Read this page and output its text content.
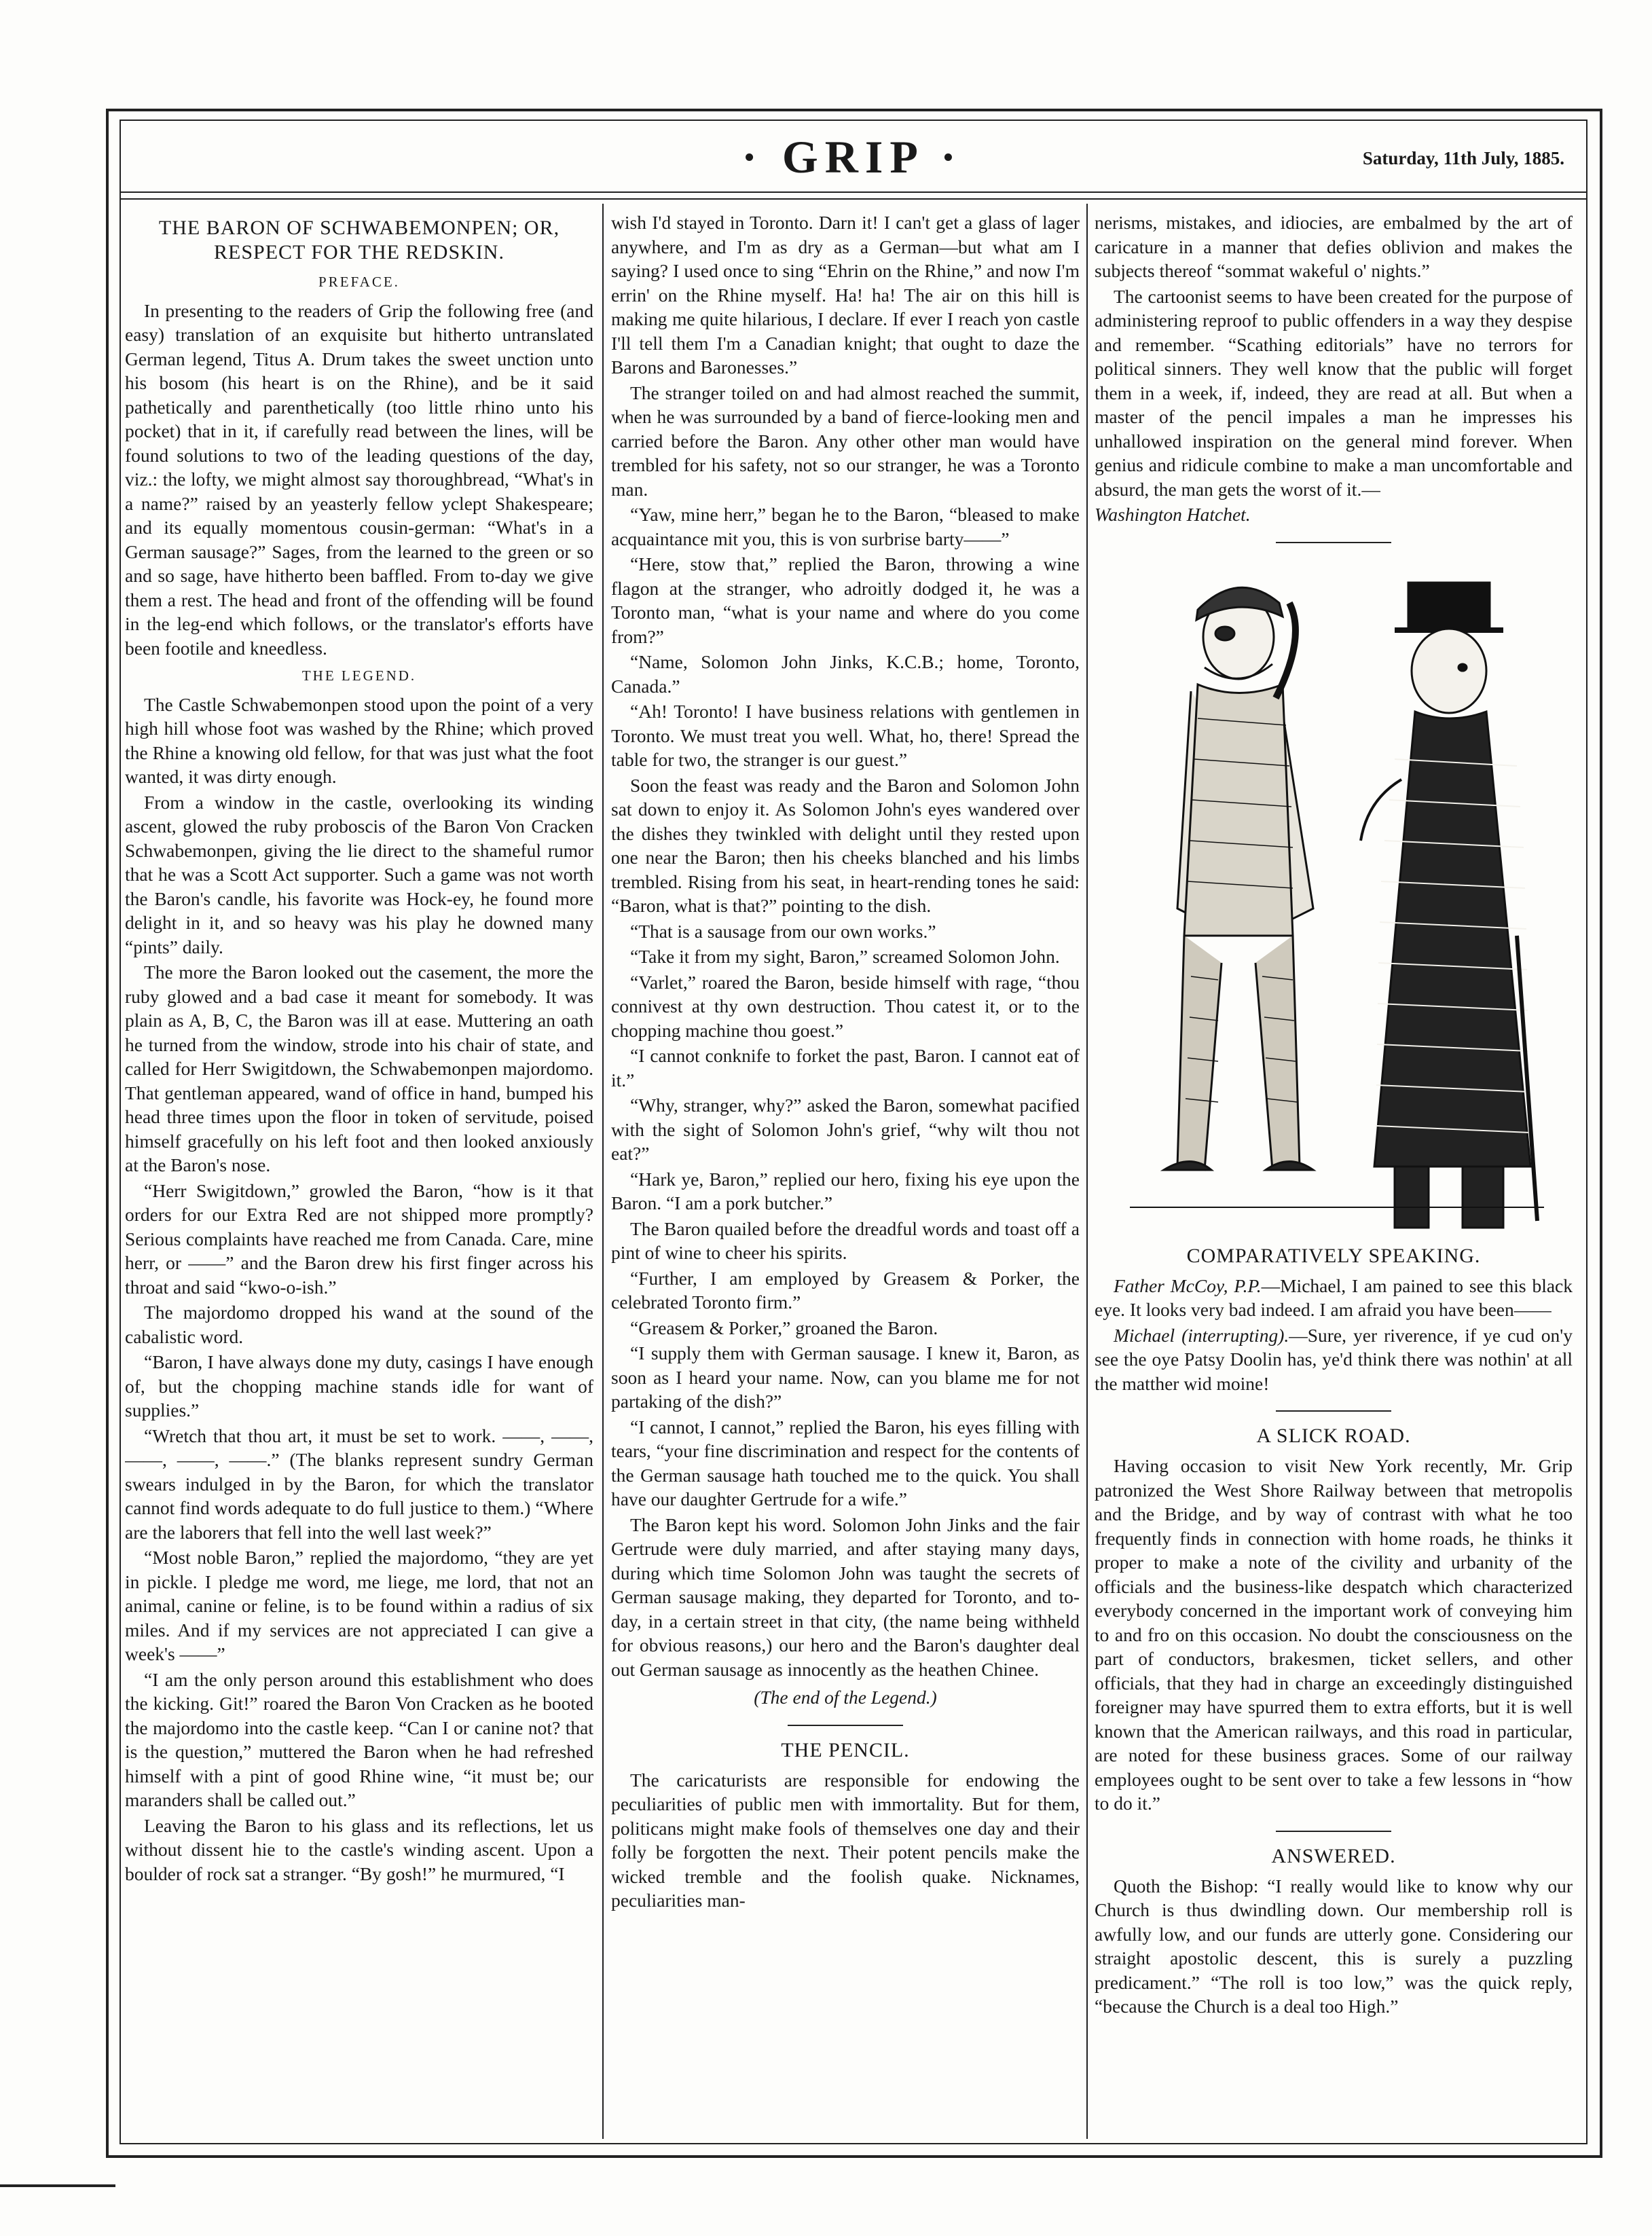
· GRIP ·	Saturday, 11th July, 1885.
THE BARON OF SCHWABEMONPEN; OR, RESPECT FOR THE REDSKIN.
PREFACE.

In presenting to the readers of Grip the following free (and easy) translation of an exquisite but hitherto untranslated German legend, Titus A. Drum takes the sweet unction unto his bosom (his heart is on the Rhine), and be it said pathetically and parenthetically (too little rhino unto his pocket) that in it, if carefully read between the lines, will be found solutions to two of the leading questions of the day, viz.: the lofty, we might almost say thoroughbread, “What's in a name?” raised by an yeasterly fellow yclept Shakespeare; and its equally momentous cousin-german: “What's in a German sausage?” Sages, from the learned to the green or so and so sage, have hitherto been baffled. From to-day we give them a rest. The head and front of the offending will be found in the leg-end which follows, or the translator's efforts have been footile and kneedless.

THE LEGEND.

The Castle Schwabemonpen stood upon the point of a very high hill whose foot was washed by the Rhine; which proved the Rhine a knowing old fellow, for that was just what the foot wanted, it was dirty enough.

From a window in the castle, overlooking its winding ascent, glowed the ruby proboscis of the Baron Von Cracken Schwabemonpen, giving the lie direct to the shameful rumor that he was a Scott Act supporter. Such a game was not worth the Baron's candle, his favorite was Hock-ey, he found more delight in it, and so heavy was his play he downed many “pints” daily.

The more the Baron looked out the casement, the more the ruby glowed and a bad case it meant for somebody. It was plain as A, B, C, the Baron was ill at ease. Muttering an oath he turned from the window, strode into his chair of state, and called for Herr Swigitdown, the Schwabemonpen majordomo. That gentleman appeared, wand of office in hand, bumped his head three times upon the floor in token of servitude, poised himself gracefully on his left foot and then looked anxiously at the Baron's nose.

“Herr Swigitdown,” growled the Baron, “how is it that orders for our Extra Red are not shipped more promptly? Serious complaints have reached me from Canada. Care, mine herr, or ——” and the Baron drew his first finger across his throat and said “kwo-o-ish.”

The majordomo dropped his wand at the sound of the cabalistic word.

“Baron, I have always done my duty, casings I have enough of, but the chopping machine stands idle for want of supplies.”

“Wretch that thou art, it must be set to work. ——, ——, ——, ——, ——.” (The blanks represent sundry German swears indulged in by the Baron, for which the translator cannot find words adequate to do full justice to them.) “Where are the laborers that fell into the well last week?”

“Most noble Baron,” replied the majordomo, “they are yet in pickle. I pledge me word, me liege, me lord, that not an animal, canine or feline, is to be found within a radius of six miles. And if my services are not appreciated I can give a week's ——”

“I am the only person around this establishment who does the kicking. Git!” roared the Baron Von Cracken as he booted the majordomo into the castle keep. “Can I or canine not? that is the question,” muttered the Baron when he had refreshed himself with a pint of good Rhine wine, “it must be; our maranders shall be called out.”

Leaving the Baron to his glass and its reflections, let us without dissent hie to the castle's winding ascent. Upon a boulder of rock sat a stranger. “By gosh!” he murmured, “I

wish I'd stayed in Toronto. Darn it! I can't get a glass of lager anywhere, and I'm as dry as a German—but what am I saying? I used once to sing “Ehrin on the Rhine,” and now I'm errin' on the Rhine myself. Ha! ha! The air on this hill is making me quite hilarious, I declare. If ever I reach yon castle I'll tell them I'm a Canadian knight; that ought to daze the Barons and Baronesses.”

The stranger toiled on and had almost reached the summit, when he was surrounded by a band of fierce-looking men and carried before the Baron. Any other other man would have trembled for his safety, not so our stranger, he was a Toronto man.

“Yaw, mine herr,” began he to the Baron, “bleased to make acquaintance mit you, this is von surbrise barty——”

“Here, stow that,” replied the Baron, throwing a wine flagon at the stranger, who adroitly dodged it, he was a Toronto man, “what is your name and where do you come from?”

“Name, Solomon John Jinks, K.C.B.; home, Toronto, Canada.”

“Ah! Toronto! I have business relations with gentlemen in Toronto. We must treat you well. What, ho, there! Spread the table for two, the stranger is our guest.”

Soon the feast was ready and the Baron and Solomon John sat down to enjoy it. As Solomon John's eyes wandered over the dishes they twinkled with delight until they rested upon one near the Baron; then his cheeks blanched and his limbs trembled. Rising from his seat, in heart-rending tones he said: “Baron, what is that?” pointing to the dish.

“That is a sausage from our own works.”

“Take it from my sight, Baron,” screamed Solomon John.

“Varlet,” roared the Baron, beside himself with rage, “thou connivest at thy own destruction. Thou catest it, or to the chopping machine thou goest.”

“I cannot conknife to forket the past, Baron. I cannot eat of it.”

“Why, stranger, why?” asked the Baron, somewhat pacified with the sight of Solomon John's grief, “why wilt thou not eat?”

“Hark ye, Baron,” replied our hero, fixing his eye upon the Baron. “I am a pork butcher.”

The Baron quailed before the dreadful words and toast off a pint of wine to cheer his spirits.

“Further, I am employed by Greasem & Porker, the celebrated Toronto firm.”

“Greasem & Porker,” groaned the Baron.

“I supply them with German sausage. I knew it, Baron, as soon as I heard your name. Now, can you blame me for not partaking of the dish?”

“I cannot, I cannot,” replied the Baron, his eyes filling with tears, “your fine discrimination and respect for the contents of the German sausage hath touched me to the quick. You shall have our daughter Gertrude for a wife.”

The Baron kept his word. Solomon John Jinks and the fair Gertrude were duly married, and after staying many days, during which time Solomon John was taught the secrets of German sausage making, they departed for Toronto, and to-day, in a certain street in that city, (the name being withheld for obvious reasons,) our hero and the Baron's daughter deal out German sausage as innocently as the heathen Chinee.

(The end of the Legend.)

THE PENCIL.

The caricaturists are responsible for endowing the peculiarities of public men with immortality. But for them, politicans might make fools of themselves one day and their folly be forgotten the next. Their potent pencils make the wicked tremble and the foolish quake. Nicknames, peculiarities man-

nerisms, mistakes, and idiocies, are embalmed by the art of caricature in a manner that defies oblivion and makes the subjects thereof “sommat wakeful o' nights.”

The cartoonist seems to have been created for the purpose of administering reproof to public offenders in a way they despise and remember. “Scathing editorials” have no terrors for political sinners. They well know that the public will forget them in a week, if, indeed, they are read at all. But when a master of the pencil impales a man he impresses his unhallowed inspiration on the general mind forever. When genius and ridicule combine to make a man uncomfortable and absurd, the man gets the worst of it.—

Washington Hatchet.

COMPARATIVELY SPEAKING.

Father McCoy, P.P.—Michael, I am pained to see this black eye. It looks very bad indeed. I am afraid you have been——

Michael (interrupting).—Sure, yer riverence, if ye cud on'y see the oye Patsy Doolin has, ye'd think there was nothin' at all the matther wid moine!

A SLICK ROAD.

Having occasion to visit New York recently, Mr. Grip patronized the West Shore Railway between that metropolis and the Bridge, and by way of contrast with what he too frequently finds in connection with home roads, he thinks it proper to make a note of the civility and urbanity of the officials and the business-like despatch which characterized everybody concerned in the important work of conveying him to and fro on this occasion. No doubt the consciousness on the part of conductors, brakesmen, ticket sellers, and other officials, that they had in charge an exceedingly distinguished foreigner may have spurred them to extra efforts, but it is well known that the American railways, and this road in particular, are noted for these business graces. Some of our railway employees ought to be sent over to take a few lessons in “how to do it.”

ANSWERED.

Quoth the Bishop: “I really would like to know why our Church is thus dwindling down. Our membership roll is awfully low, and our funds are utterly gone. Considering our straight apostolic descent, this is surely a puzzling predicament.” “The roll is too low,” was the quick reply, “because the Church is a deal too High.”
